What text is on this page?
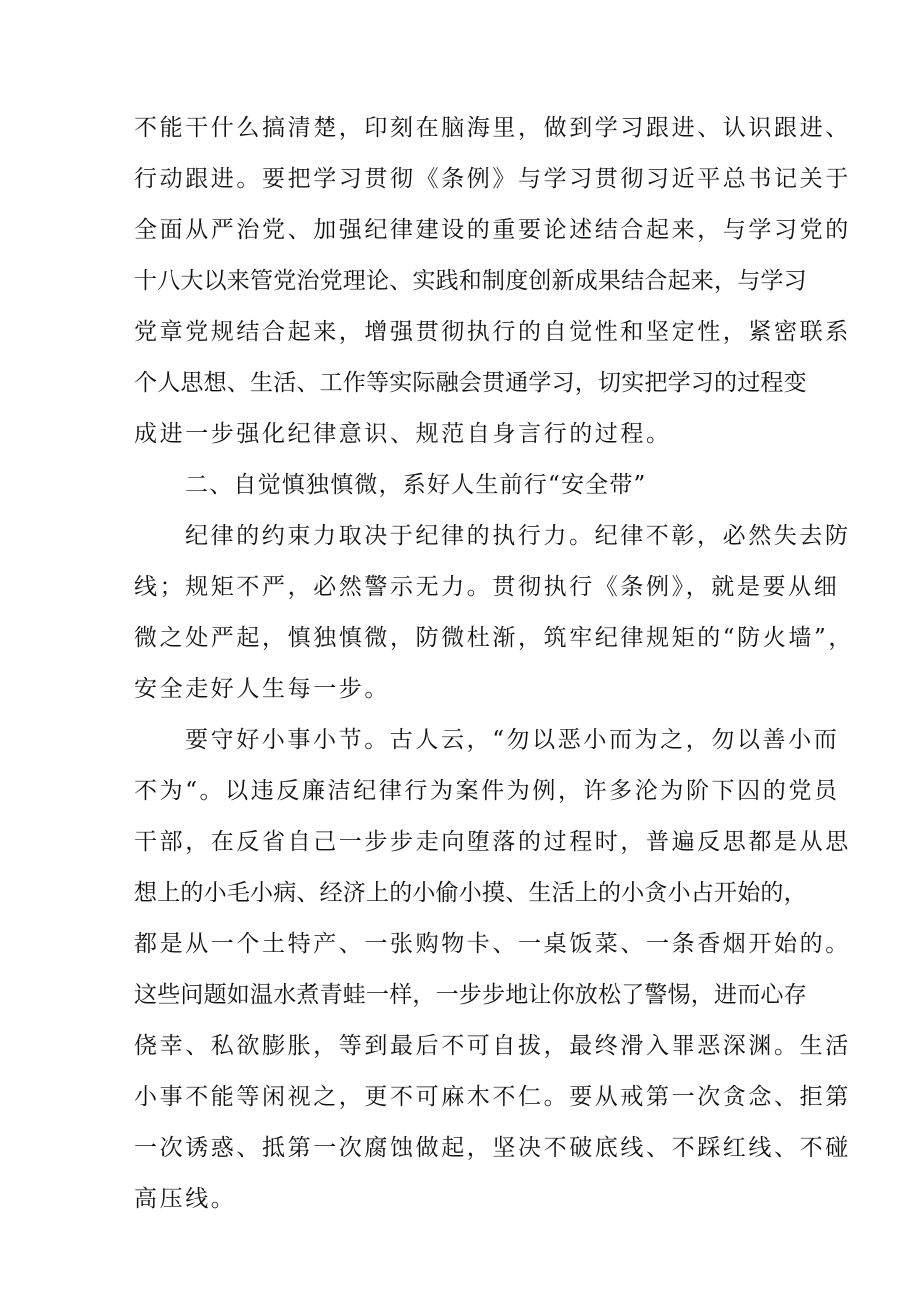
不能干什么搞清楚，印刻在脑海里，做到学习跟进、认识跟进、
行动跟进。要把学习贯彻《条例》与学习贯彻习近平总书记关于
全面从严治党、加强纪律建设的重要论述结合起来，与学习党的
十八大以来管党治党理论、实践和制度创新成果结合起来，与学习
党章党规结合起来，增强贯彻执行的自觉性和坚定性，紧密联系
个人思想、生活、工作等实际融会贯通学习，切实把学习的过程变
成进一步强化纪律意识、规范自身言行的过程。
二、自觉慎独慎微，系好人生前行“安全带”
纪律的约束力取决于纪律的执行力。纪律不彰，必然失去防
线；规矩不严，必然警示无力。贯彻执行《条例》，就是要从细
微之处严起，慎独慎微，防微杜渐，筑牢纪律规矩的“防火墙”，
安全走好人生每一步。
要守好小事小节。古人云，“勿以恶小而为之，勿以善小而
不为“。以违反廉洁纪律行为案件为例，许多沦为阶下囚的党员
干部，在反省自己一步步走向堕落的过程时，普遍反思都是从思
想上的小毛小病、经济上的小偷小摸、生活上的小贪小占开始的，
都是从一个土特产、一张购物卡、一桌饭菜、一条香烟开始的。
这些问题如温水煮青蛙一样，一步步地让你放松了警惕，进而心存
侥幸、私欲膨胀，等到最后不可自拔，最终滑入罪恶深渊。生活
小事不能等闲视之，更不可麻木不仁。要从戒第一次贪念、拒第
一次诱惑、抵第一次腐蚀做起，坚决不破底线、不踩红线、不碰
高压线。
